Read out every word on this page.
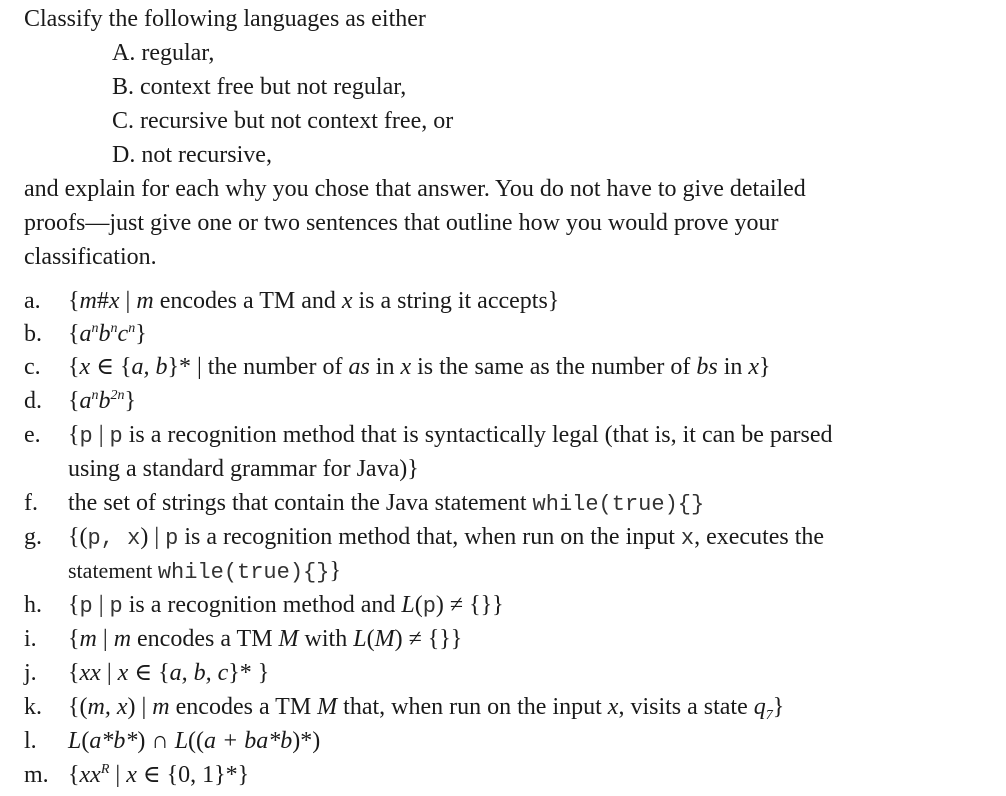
Classify the following languages as either
A. regular,
B. context free but not regular,
C. recursive but not context free, or
D. not recursive,
and explain for each why you chose that answer. You do not have to give detailed
proofs—just give one or two sentences that outline how you would prove your
classification.
a. {m#x | m encodes a TM and x is a string it accepts}
b. $\{a^nb^nc^n\}$
c. {x ∈ {a, b}* | the number of as in x is the same as the number of bs in x}
d. $\{a^nb^{2n}\}$
e. {p | p is a recognition method that is syntactically legal (that is, it can be parsed
using a standard grammar for Java)}
f. the set of strings that contain the Java statement while(true){}
g. {(p, x) | p is a recognition method that, when run on the input x, executes the
statement while(true){}}
h. {p | p is a recognition method and L(p) ≠ {}}
i. {m | m encodes a TM M with L(M) ≠ {}}
j. {xx | x ∈ {a, b, c}* }
k. {(m, x) | m encodes a TM M that, when run on the input x, visits a state $q_7$}
l. L(a*b*) ∩ L((a + ba*b)*)
m. {$xx^R$ | x ∈ {0, 1}*}
